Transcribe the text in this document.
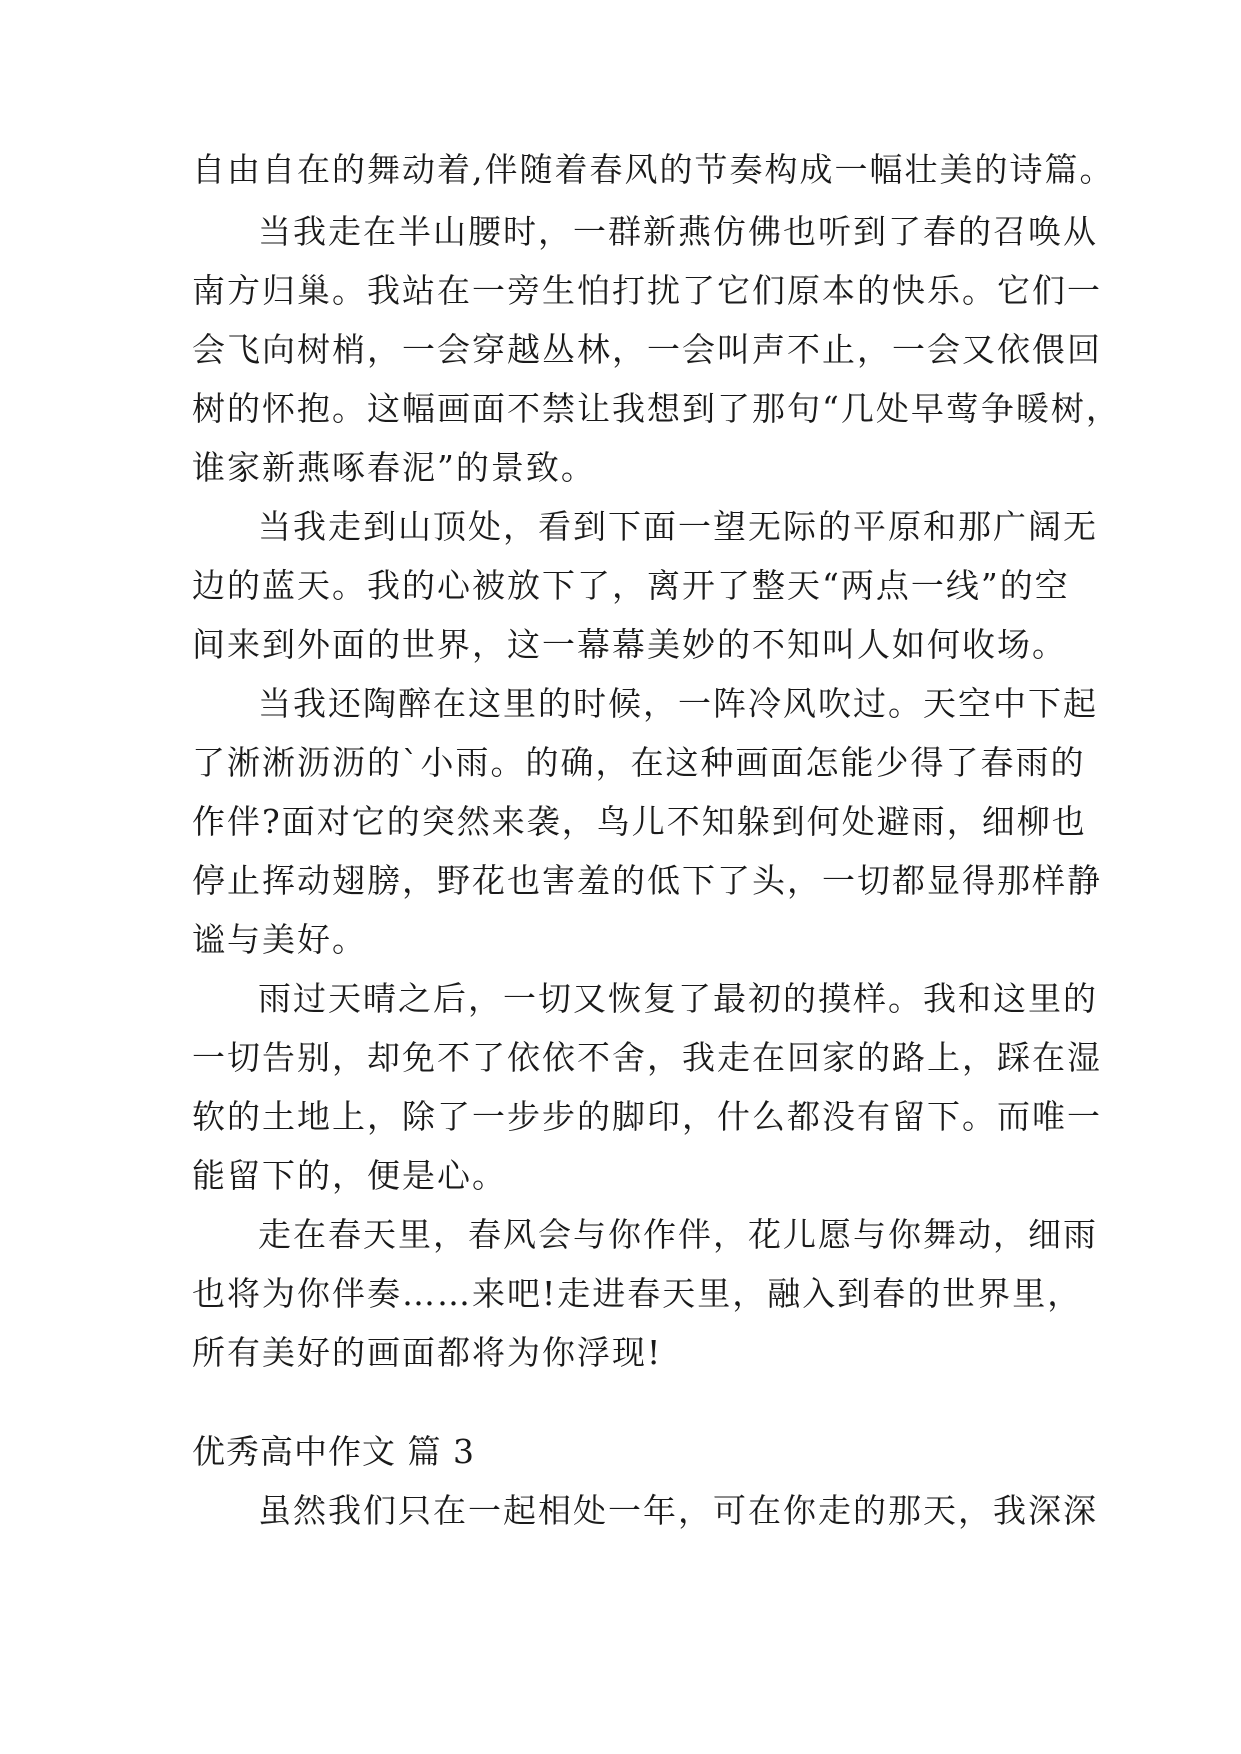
自由自在的舞动着,伴随着春风的节奏构成一幅壮美的诗篇。
当我走在半山腰时，一群新燕仿佛也听到了春的召唤从
南方归巢。我站在一旁生怕打扰了它们原本的快乐。它们一
会飞向树梢，一会穿越丛林，一会叫声不止，一会又依偎回
树的怀抱。这幅画面不禁让我想到了那句“几处早莺争暖树，
谁家新燕啄春泥”的景致。
当我走到山顶处，看到下面一望无际的平原和那广阔无
边的蓝天。我的心被放下了，离开了整天“两点一线”的空
间来到外面的世界，这一幕幕美妙的不知叫人如何收场。
当我还陶醉在这里的时候，一阵冷风吹过。天空中下起
了淅淅沥沥的`小雨。的确，在这种画面怎能少得了春雨的
作伴?面对它的突然来袭，鸟儿不知躲到何处避雨，细柳也
停止挥动翅膀，野花也害羞的低下了头，一切都显得那样静
谧与美好。
雨过天晴之后，一切又恢复了最初的摸样。我和这里的
一切告别，却免不了依依不舍，我走在回家的路上，踩在湿
软的土地上，除了一步步的脚印，什么都没有留下。而唯一
能留下的，便是心。
走在春天里，春风会与你作伴，花儿愿与你舞动，细雨
也将为你伴奏……来吧!走进春天里，融入到春的世界里，
所有美好的画面都将为你浮现!
优秀高中作文 篇 3
虽然我们只在一起相处一年，可在你走的那天，我深深
